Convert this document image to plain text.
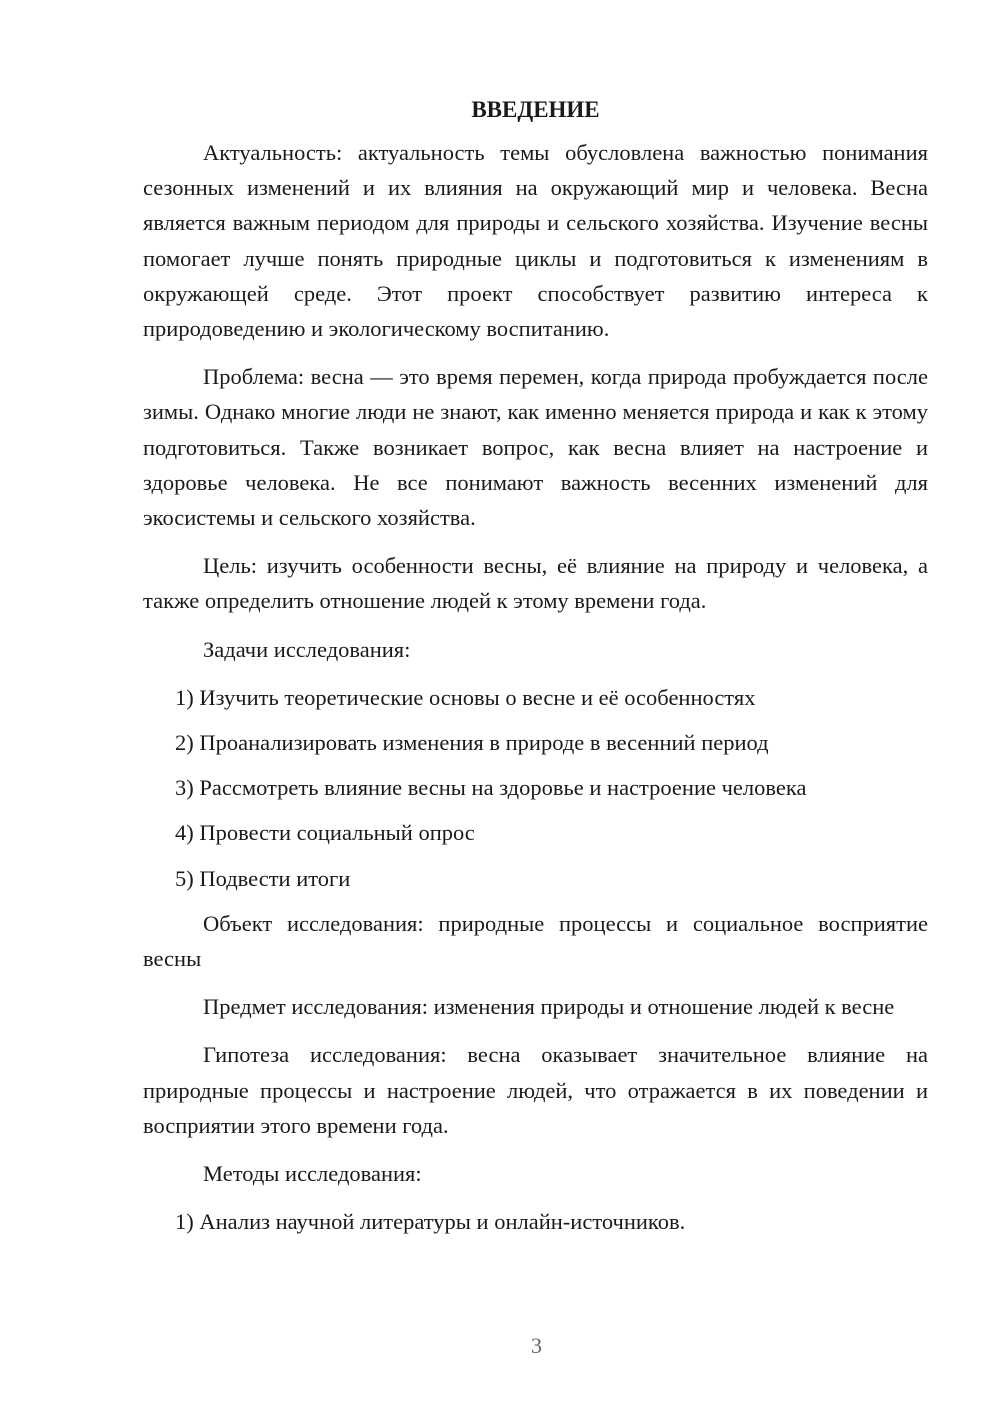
ВВЕДЕНИЕ

Актуальность: актуальность темы обусловлена важностью понимания сезонных изменений и их влияния на окружающий мир и человека. Весна является важным периодом для природы и сельского хозяйства. Изучение весны помогает лучше понять природные циклы и подготовиться к изменениям в окружающей среде. Этот проект способствует развитию интереса к природоведению и экологическому воспитанию.

Проблема: весна — это время перемен, когда природа пробуждается после зимы. Однако многие люди не знают, как именно меняется природа и как к этому подготовиться. Также возникает вопрос, как весна влияет на настроение и здоровье человека. Не все понимают важность весенних изменений для экосистемы и сельского хозяйства.

Цель: изучить особенности весны, её влияние на природу и человека, а также определить отношение людей к этому времени года.

Задачи исследования:

1) Изучить теоретические основы о весне и её особенностях
2) Проанализировать изменения в природе в весенний период
3) Рассмотреть влияние весны на здоровье и настроение человека
4) Провести социальный опрос
5) Подвести итоги

Объект исследования: природные процессы и социальное восприятие весны

Предмет исследования: изменения природы и отношение людей к весне

Гипотеза исследования: весна оказывает значительное влияние на природные процессы и настроение людей, что отражается в их поведении и восприятии этого времени года.

Методы исследования:

1) Анализ научной литературы и онлайн-источников.
3
